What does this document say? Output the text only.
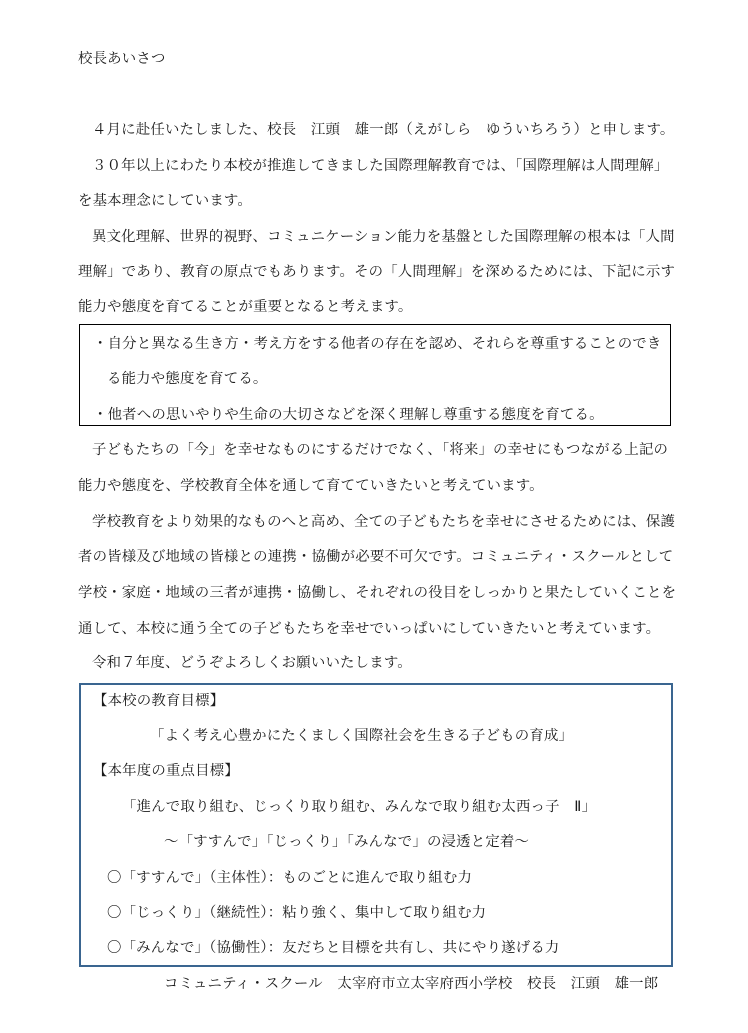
校長あいさつ
４月に赴任いたしました、校長　江頭　雄一郎（えがしら　ゆういちろう）と申します。
３０年以上にわたり本校が推進してきました国際理解教育では、「国際理解は人間理解」
を基本理念にしています。
異文化理解、世界的視野、コミュニケーション能力を基盤とした国際理解の根本は「人間
理解」であり、教育の原点でもあります。その「人間理解」を深めるためには、下記に示す
能力や態度を育てることが重要となると考えます。
・自分と異なる生き方・考え方をする他者の存在を認め、それらを尊重することのでき
る能力や態度を育てる。
・他者への思いやりや生命の大切さなどを深く理解し尊重する態度を育てる。
子どもたちの「今」を幸せなものにするだけでなく、「将来」の幸せにもつながる上記の
能力や態度を、学校教育全体を通して育てていきたいと考えています。
学校教育をより効果的なものへと高め、全ての子どもたちを幸せにさせるためには、保護
者の皆様及び地域の皆様との連携・協働が必要不可欠です。コミュニティ・スクールとして
学校・家庭・地域の三者が連携・協働し、それぞれの役目をしっかりと果たしていくことを
通して、本校に通う全ての子どもたちを幸せでいっぱいにしていきたいと考えています。
令和７年度、どうぞよろしくお願いいたします。
【本校の教育目標】
「よく考え心豊かにたくましく国際社会を生きる子どもの育成」
【本年度の重点目標】
「進んで取り組む、じっくり取り組む、みんなで取り組む太西っ子　Ⅱ」
～「すすんで」「じっくり」「みんなで」の浸透と定着～
〇「すすんで」（主体性）：ものごとに進んで取り組む力
〇「じっくり」（継続性）：粘り強く、集中して取り組む力
〇「みんなで」（協働性）：友だちと目標を共有し、共にやり遂げる力
コミュニティ・スクール　太宰府市立太宰府西小学校　校長　江頭　雄一郎
